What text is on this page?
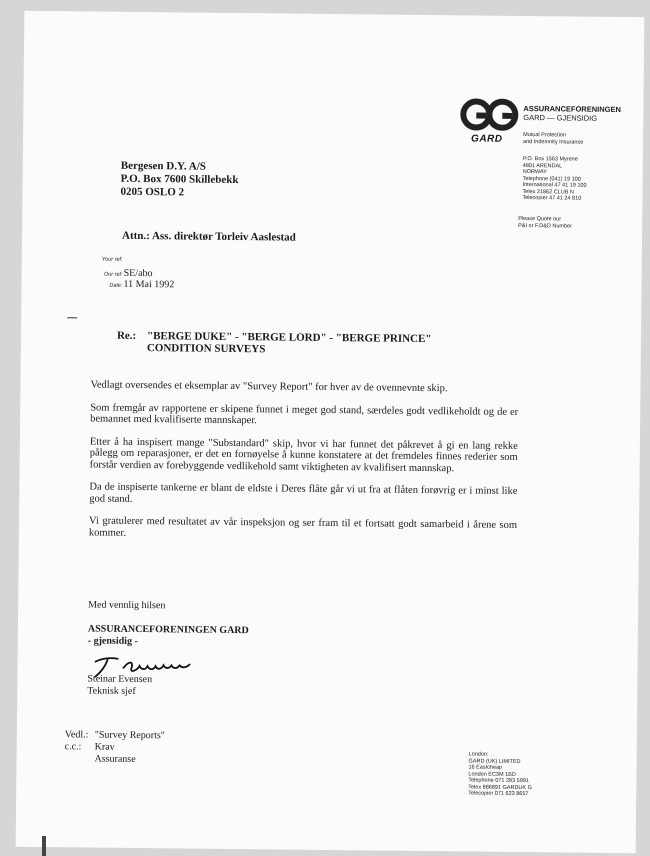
GARD
ASSURANCEFORENINGEN
GARD — GJENSIDIG
Mutual Protection
and Indemnity Insurance
P.O. Box 1563 Myrene
4801 ARENDAL
NORWAY
Telephone (041) 19 100
International 47 41 19 100
Telex 21862 CLUB N
Telecopier 47 41 24 810
Please Quote our
P&I or F.D&D Number
Bergesen D.Y. A/S
P.O. Box 7600 Skillebekk
0205 OSLO 2
Attn.: Ass. direktør Torleiv Aaslestad
Your ref:
Our ref: SE/abo
Date: 11 Mai 1992
Re.: "BERGE DUKE" - "BERGE LORD" - "BERGE PRINCE"
CONDITION SURVEYS

Vedlagt oversendes et eksemplar av "Survey Report" for hver av de ovennevnte skip.

Som fremgår av rapportene er skipene funnet i meget god stand, særdeles godt vedlikeholdt og de er bemannet med kvalifiserte mannskaper.

Etter å ha inspisert mange "Substandard" skip, hvor vi har funnet det påkrevet å gi en lang rekke pålegg om reparasjoner, er det en fornøyelse å kunne konstatere at det fremdeles finnes rederier som forstår verdien av forebyggende vedlikehold samt viktigheten av kvalifisert mannskap.

Da de inspiserte tankerne er blant de eldste i Deres flåte går vi ut fra at flåten forøvrig er i minst like god stand.

Vi gratulerer med resultatet av vår inspeksjon og ser fram til et fortsatt godt samarbeid i årene som kommer.

Med vennlig hilsen
ASSURANCEFORENINGEN GARD
- gjensidig -
Steinar Evensen
Teknisk sjef
Vedl.: "Survey Reports"
c.c.:	Krav
Assuranse	London:
GARD (UK) LIMITED
16 Eastcheap
London EC3M 1BD
Telephone 071 283 5991
Telex 886891 GARDUK G
Telecopier 071 623 8657
